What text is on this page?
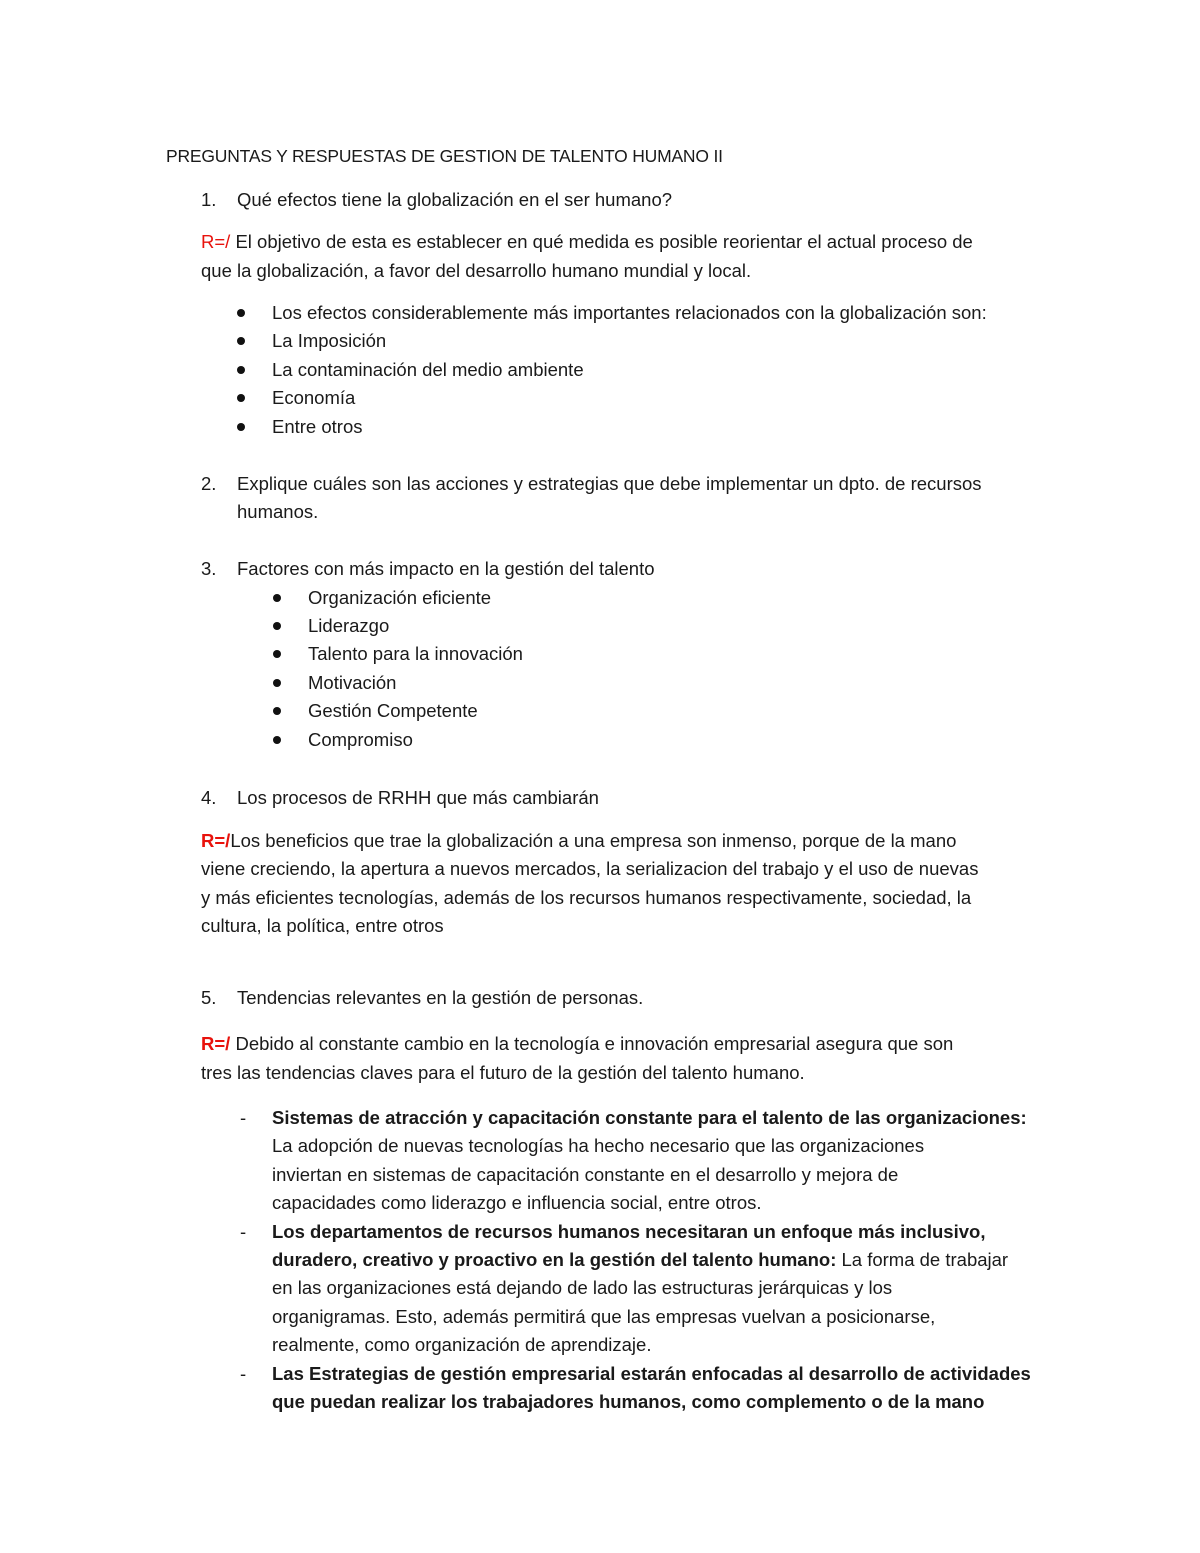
PREGUNTAS Y RESPUESTAS DE GESTION DE TALENTO HUMANO II

1. Qué efectos tiene la globalización en el ser humano?

R=/ El objetivo de esta es establecer en qué medida es posible reorientar el actual proceso de

que la globalización, a favor del desarrollo humano mundial y local.

Los efectos considerablemente más importantes relacionados con la globalización son:

La Imposición

La contaminación del medio ambiente

Economía

Entre otros

2. Explique cuáles son las acciones y estrategias que debe implementar un dpto. de recursos

humanos.

3. Factores con más impacto en la gestión del talento

Organización eficiente

Liderazgo

Talento para la innovación

Motivación

Gestión Competente

Compromiso

4. Los procesos de RRHH que más cambiarán

R=/Los beneficios que trae la globalización a una empresa son inmenso, porque de la mano

viene creciendo, la apertura a nuevos mercados, la serializacion del trabajo y el uso de nuevas

y más eficientes tecnologías, además de los recursos humanos respectivamente, sociedad, la

cultura, la política, entre otros

5. Tendencias relevantes en la gestión de personas.

R=/ Debido al constante cambio en la tecnología e innovación empresarial asegura que son

tres las tendencias claves para el futuro de la gestión del talento humano.

- Sistemas de atracción y capacitación constante para el talento de las organizaciones:

La adopción de nuevas tecnologías ha hecho necesario que las organizaciones

inviertan en sistemas de capacitación constante en el desarrollo y mejora de

capacidades como liderazgo e influencia social, entre otros.

- Los departamentos de recursos humanos necesitaran un enfoque más inclusivo,

duradero, creativo y proactivo en la gestión del talento humano: La forma de trabajar

en las organizaciones está dejando de lado las estructuras jerárquicas y los

organigramas. Esto, además permitirá que las empresas vuelvan a posicionarse,

realmente, como organización de aprendizaje.

- Las Estrategias de gestión empresarial estarán enfocadas al desarrollo de actividades

que puedan realizar los trabajadores humanos, como complemento o de la mano
